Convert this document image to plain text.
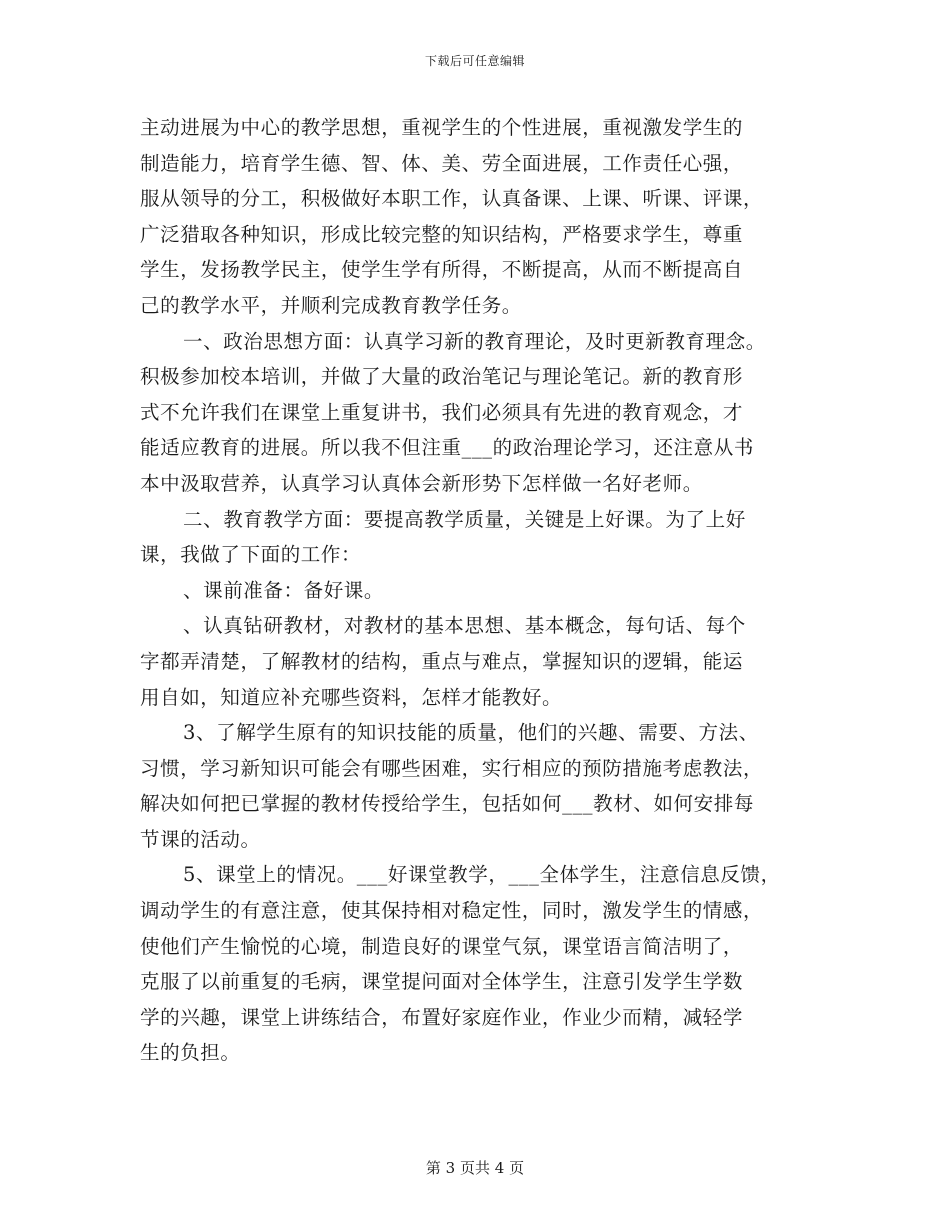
下载后可任意编辑
主动进展为中心的教学思想，重视学生的个性进展，重视激发学生的
制造能力，培育学生德、智、体、美、劳全面进展，工作责任心强，
服从领导的分工，积极做好本职工作，认真备课、上课、听课、评课，
广泛猎取各种知识，形成比较完整的知识结构，严格要求学生，尊重
学生，发扬教学民主，使学生学有所得，不断提高，从而不断提高自
己的教学水平，并顺利完成教育教学任务。
一、政治思想方面：认真学习新的教育理论，及时更新教育理念。
积极参加校本培训，并做了大量的政治笔记与理论笔记。新的教育形
式不允许我们在课堂上重复讲书，我们必须具有先进的教育观念，才
能适应教育的进展。所以我不但注重___的政治理论学习，还注意从书
本中汲取营养，认真学习认真体会新形势下怎样做一名好老师。
二、教育教学方面：要提高教学质量，关键是上好课。为了上好
课，我做了下面的工作：
、课前准备：备好课。
、认真钻研教材，对教材的基本思想、基本概念，每句话、每个
字都弄清楚，了解教材的结构，重点与难点，掌握知识的逻辑，能运
用自如，知道应补充哪些资料，怎样才能教好。
3、了解学生原有的知识技能的质量，他们的兴趣、需要、方法、
习惯，学习新知识可能会有哪些困难，实行相应的预防措施考虑教法，
解决如何把已掌握的教材传授给学生，包括如何___教材、如何安排每
节课的活动。
5、课堂上的情况。___好课堂教学，___全体学生，注意信息反馈，
调动学生的有意注意，使其保持相对稳定性，同时，激发学生的情感，
使他们产生愉悦的心境，制造良好的课堂气氛，课堂语言简洁明了，
克服了以前重复的毛病，课堂提问面对全体学生，注意引发学生学数
学的兴趣，课堂上讲练结合，布置好家庭作业，作业少而精，减轻学
生的负担。
第 3 页共 4 页
